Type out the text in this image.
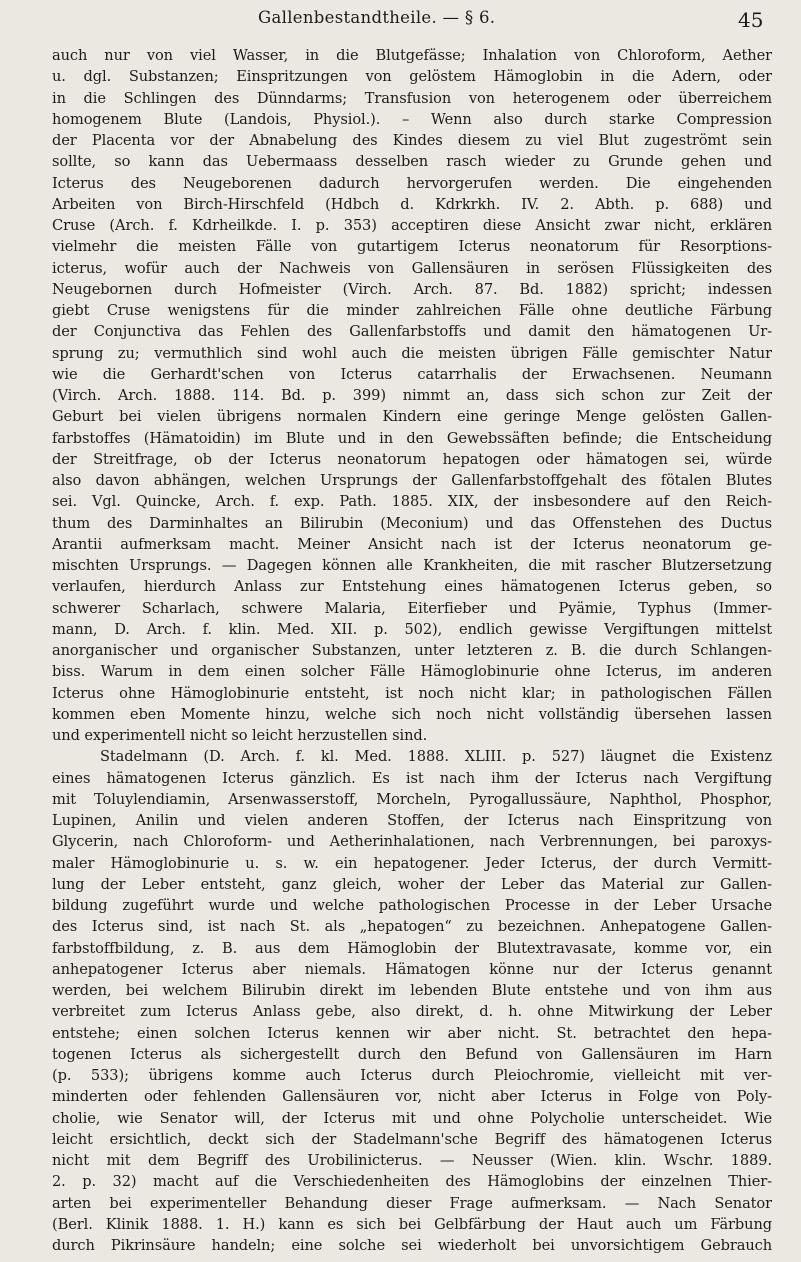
Gallenbestandtheile. — § 6.	45
auch nur von viel Wasser, in die Blutgefässe; Inhalation von Chloroform, Aether
u. dgl. Substanzen; Einspritzungen von gelöstem Hämoglobin in die Adern, oder
in die Schlingen des Dünndarms; Transfusion von heterogenem oder überreichem
homogenem Blute (Landois, Physiol.). – Wenn also durch starke Compression
der Placenta vor der Abnabelung des Kindes diesem zu viel Blut zugeströmt sein
sollte, so kann das Uebermaass desselben rasch wieder zu Grunde gehen und
Icterus des Neugeborenen dadurch hervorgerufen werden. Die eingehenden
Arbeiten von Birch-Hirschfeld (Hdbch d. Kdrkrkh. IV. 2. Abth. p. 688) und
Cruse (Arch. f. Kdrheilkde. I. p. 353) acceptiren diese Ansicht zwar nicht, erklären
vielmehr die meisten Fälle von gutartigem Icterus neonatorum für Resorptions-
icterus, wofür auch der Nachweis von Gallensäuren in serösen Flüssigkeiten des
Neugebornen durch Hofmeister (Virch. Arch. 87. Bd. 1882) spricht; indessen
giebt Cruse wenigstens für die minder zahlreichen Fälle ohne deutliche Färbung
der Conjunctiva das Fehlen des Gallenfarbstoffs und damit den hämatogenen Ur-
sprung zu; vermuthlich sind wohl auch die meisten übrigen Fälle gemischter Natur
wie die Gerhardt'schen von Icterus catarrhalis der Erwachsenen. Neumann
(Virch. Arch. 1888. 114. Bd. p. 399) nimmt an, dass sich schon zur Zeit der
Geburt bei vielen übrigens normalen Kindern eine geringe Menge gelösten Gallen-
farbstoffes (Hämatoidin) im Blute und in den Gewebssäften befinde; die Entscheidung
der Streitfrage, ob der Icterus neonatorum hepatogen oder hämatogen sei, würde
also davon abhängen, welchen Ursprungs der Gallenfarbstoffgehalt des fötalen Blutes
sei. Vgl. Quincke, Arch. f. exp. Path. 1885. XIX, der insbesondere auf den Reich-
thum des Darminhaltes an Bilirubin (Meconium) und das Offenstehen des Ductus
Arantii aufmerksam macht. Meiner Ansicht nach ist der Icterus neonatorum ge-
mischten Ursprungs. — Dagegen können alle Krankheiten, die mit rascher Blutzersetzung
verlaufen, hierdurch Anlass zur Entstehung eines hämatogenen Icterus geben, so
schwerer Scharlach, schwere Malaria, Eiterfieber und Pyämie, Typhus (Immer-
mann, D. Arch. f. klin. Med. XII. p. 502), endlich gewisse Vergiftungen mittelst
anorganischer und organischer Substanzen, unter letzteren z. B. die durch Schlangen-
biss. Warum in dem einen solcher Fälle Hämoglobinurie ohne Icterus, im anderen
Icterus ohne Hämoglobinurie entsteht, ist noch nicht klar; in pathologischen Fällen
kommen eben Momente hinzu, welche sich noch nicht vollständig übersehen lassen
und experimentell nicht so leicht herzustellen sind.
Stadelmann (D. Arch. f. kl. Med. 1888. XLIII. p. 527) läugnet die Existenz
eines hämatogenen Icterus gänzlich. Es ist nach ihm der Icterus nach Vergiftung
mit Toluylendiamin, Arsenwasserstoff, Morcheln, Pyrogallussäure, Naphthol, Phosphor,
Lupinen, Anilin und vielen anderen Stoffen, der Icterus nach Einspritzung von
Glycerin, nach Chloroform- und Aetherinhalationen, nach Verbrennungen, bei paroxys-
maler Hämoglobinurie u. s. w. ein hepatogener. Jeder Icterus, der durch Vermitt-
lung der Leber entsteht, ganz gleich, woher der Leber das Material zur Gallen-
bildung zugeführt wurde und welche pathologischen Processe in der Leber Ursache
des Icterus sind, ist nach St. als „hepatogen“ zu bezeichnen. Anhepatogene Gallen-
farbstoffbildung, z. B. aus dem Hämoglobin der Blutextravasate, komme vor, ein
anhepatogener Icterus aber niemals. Hämatogen könne nur der Icterus genannt
werden, bei welchem Bilirubin direkt im lebenden Blute entstehe und von ihm aus
verbreitet zum Icterus Anlass gebe, also direkt, d. h. ohne Mitwirkung der Leber
entstehe; einen solchen Icterus kennen wir aber nicht. St. betrachtet den hepa-
togenen Icterus als sichergestellt durch den Befund von Gallensäuren im Harn
(p. 533); übrigens komme auch Icterus durch Pleiochromie, vielleicht mit ver-
minderten oder fehlenden Gallensäuren vor, nicht aber Icterus in Folge von Poly-
cholie, wie Senator will, der Icterus mit und ohne Polycholie unterscheidet. Wie
leicht ersichtlich, deckt sich der Stadelmann'sche Begriff des hämatogenen Icterus
nicht mit dem Begriff des Urobilinicterus. — Neusser (Wien. klin. Wschr. 1889.
2. p. 32) macht auf die Verschiedenheiten des Hämoglobins der einzelnen Thier-
arten bei experimenteller Behandung dieser Frage aufmerksam. — Nach Senator
(Berl. Klinik 1888. 1. H.) kann es sich bei Gelbfärbung der Haut auch um Färbung
durch Pikrinsäure handeln; eine solche sei wiederholt bei unvorsichtigem Gebrauch
